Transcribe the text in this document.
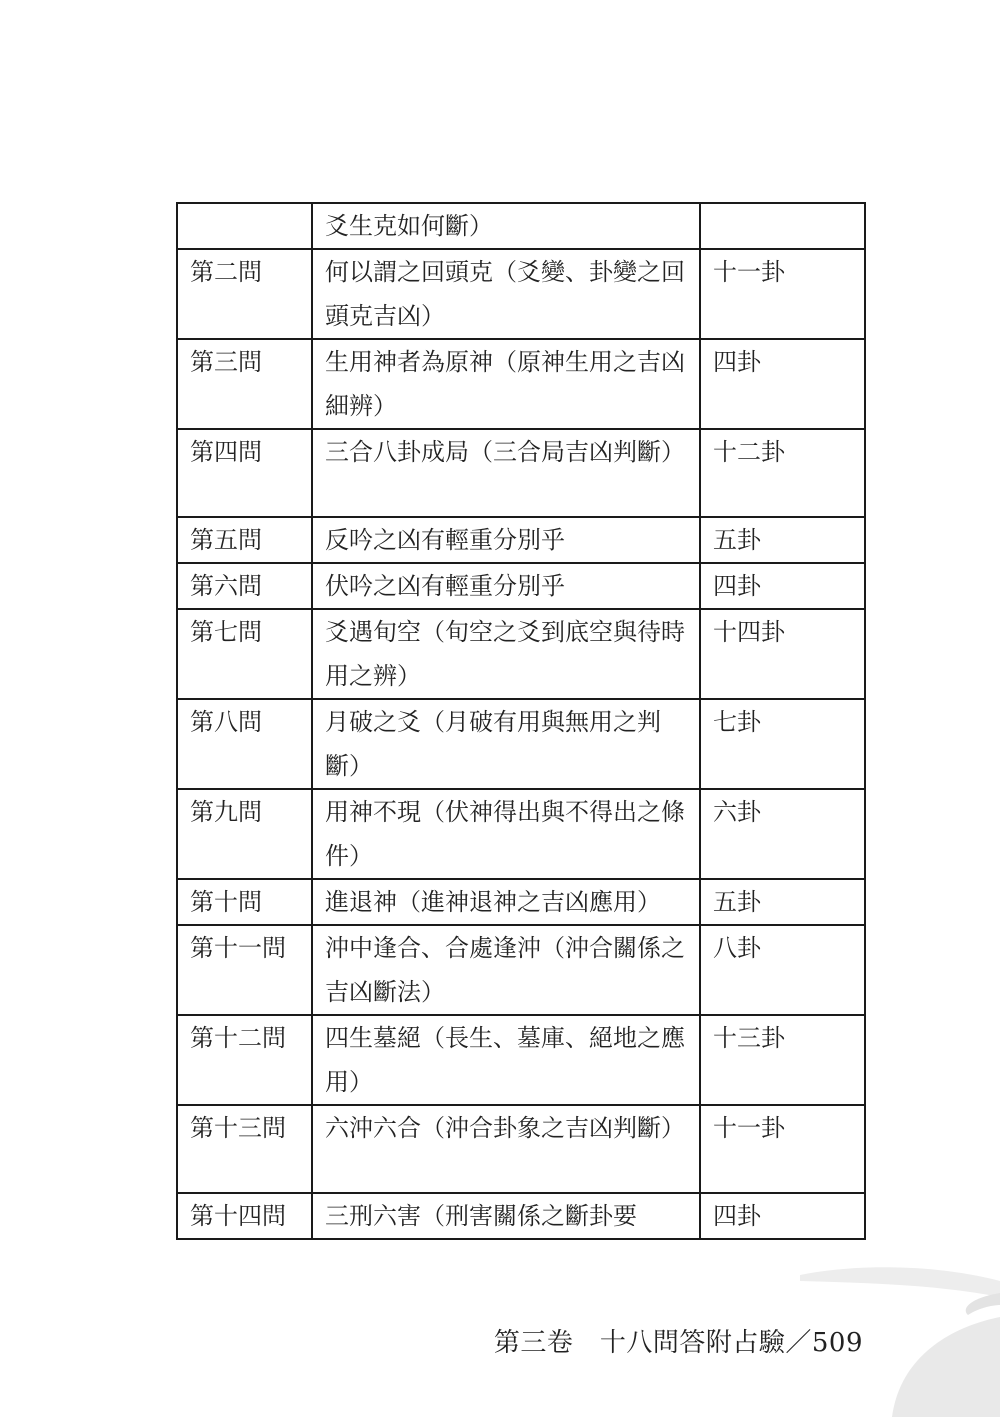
	爻生克如何斷）	
第二問	何以謂之回頭克（爻變、卦變之回頭克吉凶）	十一卦
第三問	生用神者為原神（原神生用之吉凶細辨）	四卦
第四問	三合八卦成局（三合局吉凶判斷）	十二卦
第五問	反吟之凶有輕重分別乎	五卦
第六問	伏吟之凶有輕重分別乎	四卦
第七問	爻遇旬空（旬空之爻到底空與待時用之辨）	十四卦
第八問	月破之爻（月破有用與無用之判斷）	七卦
第九問	用神不現（伏神得出與不得出之條件）	六卦
第十問	進退神（進神退神之吉凶應用）	五卦
第十一問	沖中逢合、合處逢沖（沖合關係之吉凶斷法）	八卦
第十二問	四生墓絕（長生、墓庫、絕地之應用）	十三卦
第十三問	六沖六合（沖合卦象之吉凶判斷）	十一卦
第十四問	三刑六害（刑害關係之斷卦要	四卦
第三卷　十八問答附占驗／509
